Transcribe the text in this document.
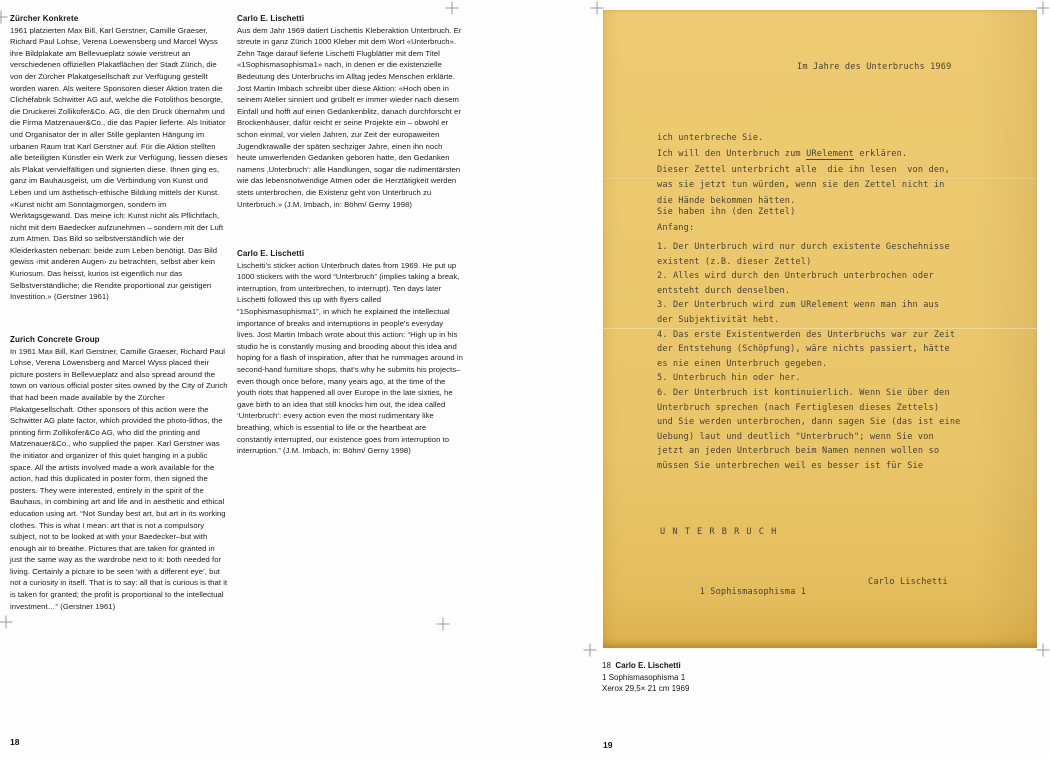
Zürcher Konkrete
1961 platzierten Max Bill, Karl Gerstner, Camille Graeser, Richard Paul Lohse, Verena Loewensberg und Marcel Wyss ihre Bildplakate am Bellevueplatz sowie verstreut an verschiedenen offiziellen Plakatflächen der Stadt Zürich, die von der Zürcher Plakatgesellschaft zur Verfügung gestellt worden waren. Als weitere Sponsoren dieser Aktion traten die Clichéfabrik Schwitter AG auf, welche die Fotolithos besorgte, die Druckerei Zollikofer&Co. AG, die den Druck übernahm und die Firma Matzenauer&Co., die das Papier lieferte. Als Initiator und Organisator der in aller Stille geplanten Hängung im urbanen Raum trat Karl Gerstner auf. Für die Aktion stellten alle beteiligten Künstler ein Werk zur Verfügung, liessen dieses als Plakat vervielfältigen und signierten diese. Ihnen ging es, ganz im Bauhausgeist, um die Verbindung von Kunst und Leben und um ästhetisch-ethische Bildung mittels der Kunst. «Kunst nicht am Sonntagmorgen, sondern im Werktagsgewand. Das meine ich: Kunst nicht als Pflichtfach, nicht mit dem Baedecker aufzunehmen – sondern mit der Luft zum Atmen. Das Bild so selbstverständlich wie der Kleiderkasten nebenan: beide zum Leben benötigt. Das Bild gewiss ‹mit anderen Augen› zu betrachten, selbst aber kein Kuriosum. Das heisst, kurios ist eigentlich nur das Selbstverständliche; die Rendite proportional zur geistigen Investition.» (Gerstner 1961)
Zurich Concrete Group
In 1961 Max Bill, Karl Gerstner, Camille Graeser, Richard Paul Lohse, Verena Löwensberg and Marcel Wyss placed their picture posters in Bellevueplatz and also spread around the town on various official poster sites owned by the City of Zurich that had been made available by the Zürcher Plakatgesellschaft. Other sponsors of this action were the Schwitter AG plate factor, which provided the photo-lithos, the printing firm Zollikofer&Co AG, who did the printing and Matzenauer&Co., who supplied the paper. Karl Gerstner was the initiator and organizer of this quiet hanging in a public space. All the artists involved made a work available for the action, had this duplicated in poster form, then signed the posters. They were interested, entirely in the spirit of the Bauhaus, in combining art and life and in aesthetic and ethical education using art. “Not Sunday best art, but art in its working clothes. This is what I mean: art that is not a compulsory subject, not to be looked at with your Baedecker–but with enough air to breathe. Pictures that are taken for granted in just the same way as the wardrobe next to it: both needed for living. Certainly a picture to be seen ‘with a different eye’, but not a curiosity in itself. That is to say: all that is curious is that it is taken for granted; the profit is proportional to the intellectual investment…” (Gerstner 1961)
Carlo E. Lischetti
Aus dem Jahr 1969 datiert Lischettis Kleberaktion Unterbruch. Er streute in ganz Zürich 1000 Kleber mit dem Wort «Unterbruch». Zehn Tage darauf lieferte Lischetti Flugblätter mit dem Titel «1Sophismasophisma1» nach, in denen er die existenzielle Bedeutung des Unterbruchs im Alltag jedes Menschen erklärte. Jost Martin Imbach schreibt über diese Aktion: «Hoch oben in seinem Atelier sinniert und grübelt er immer wieder nach diesem Einfall und hofft auf einen Gedankenblitz, danach durchforscht er Brockenhäuser, dafür reicht er seine Projekte ein – obwohl er schon einmal, vor vielen Jahren, zur Zeit der europaweiten Jugendkrawalle der späten sechziger Jahre, einen ihn noch heute umwerfenden Gedanken geboren hatte, den Gedanken namens ‚Unterbruch‘: alle Handlungen, sogar die rudimentärsten wie das lebensnotwendige Atmen oder die Herztätigkeit werden stets unterbrochen, die Existenz geht von Unterbruch zu Unterbruch.» (J.M. Imbach, in: Böhm/ Gerny 1998)
Carlo E. Lischetti
Lischetti's sticker action Unterbruch dates from 1969. He put up 1000 stickers with the word “Unterbruch” (implies taking a break, interruption, from unterbrechen, to interrupt). Ten days later Lischetti followed this up with flyers called “1Sophismasophisma1”, in which he explained the intellectual importance of breaks and interruptions in people's everyday lives. Jost Martin Imbach wrote about this action: “High up in his studio he is constantly musing and brooding about this idea and hoping for a flash of inspiration, after that he rummages around in second-hand furniture shops, that's why he submits his projects–even though once before, many years ago, at the time of the youth riots that happened all over Europe in the late sixties, he gave birth to an idea that still knocks him out, the idea called ‘Unterbruch’: every action even the most rudimentary like breathing, which is essential to life or the heartbeat are constantly interrupted, our existence goes from interruption to interruption.” (J.M. Imbach, in: Böhm/ Gerny 1998)
18
Im Jahre des Unterbruchs 1969
ich unterbreche Sie.
Ich will den Unterbruch zum URelement erklären.
Dieser Zettel unterbricht alle  die ihn lesen  von den,
was sie jetzt tun würden, wenn sie den Zettel nicht in
die Hände bekommen hätten.
Sie haben ihn (den Zettel)
Anfang:
1. Der Unterbruch wird nur durch existente Geschehnisse
existent (z.B. dieser Zettel)
2. Alles wird durch den Unterbruch unterbrochen oder
entsteht durch denselben.
3. Der Unterbruch wird zum URelement wenn man ihn aus
der Subjektivität hebt.
4. Das erste Existentwerden des Unterbruchs war zur Zeit
der Entstehung (Schöpfung), wäre nichts passiert, hätte
es nie einen Unterbruch gegeben.
5. Unterbruch hin oder her.
6. Der Unterbruch ist kontinuierlich. Wenn Sie über den
Unterbruch sprechen (nach Fertiglesen dieses Zettels)
und Sie werden unterbrochen, dann sagen Sie (das ist eine
Uebung) laut und deutlich "Unterbruch"; wenn Sie von
jetzt an jeden Unterbruch beim Namen nennen wollen so
müssen Sie unterbrechen weil es besser ist für Sie
U N T E R B R U C H

1 Sophismasophisma 1

Carlo Lischetti

18 Carlo E. Lischetti
1 Sophismasophisma 1
Xerox 29,5× 21 cm 1969
19
